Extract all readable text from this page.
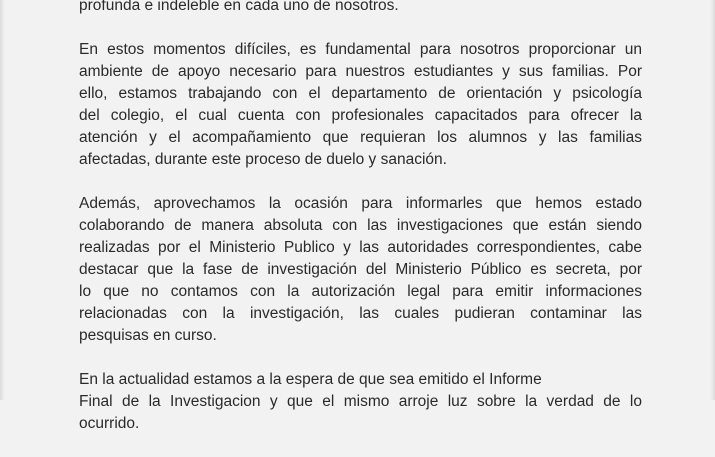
profunda e indeleble en cada uno de nosotros.

En estos momentos difíciles, es fundamental para nosotros proporcionar un
ambiente de apoyo necesario para nuestros estudiantes y sus familias. Por
ello, estamos trabajando con el departamento de orientación y psicología
del colegio, el cual cuenta con profesionales capacitados para ofrecer la
atención y el acompañamiento que requieran los alumnos y las familias
afectadas, durante este proceso de duelo y sanación.

Además, aprovechamos la ocasión para informarles que hemos estado
colaborando de manera absoluta con las investigaciones que están siendo
realizadas por el Ministerio Publico y las autoridades correspondientes, cabe
destacar que la fase de investigación del Ministerio Público es secreta, por
lo que no contamos con la autorización legal para emitir informaciones
relacionadas con la investigación, las cuales pudieran contaminar las
pesquisas en curso.

En la actualidad estamos a la espera de que sea emitido el Informe
Final de la Investigacion y que el mismo arroje luz sobre la verdad de lo
ocurrido.
